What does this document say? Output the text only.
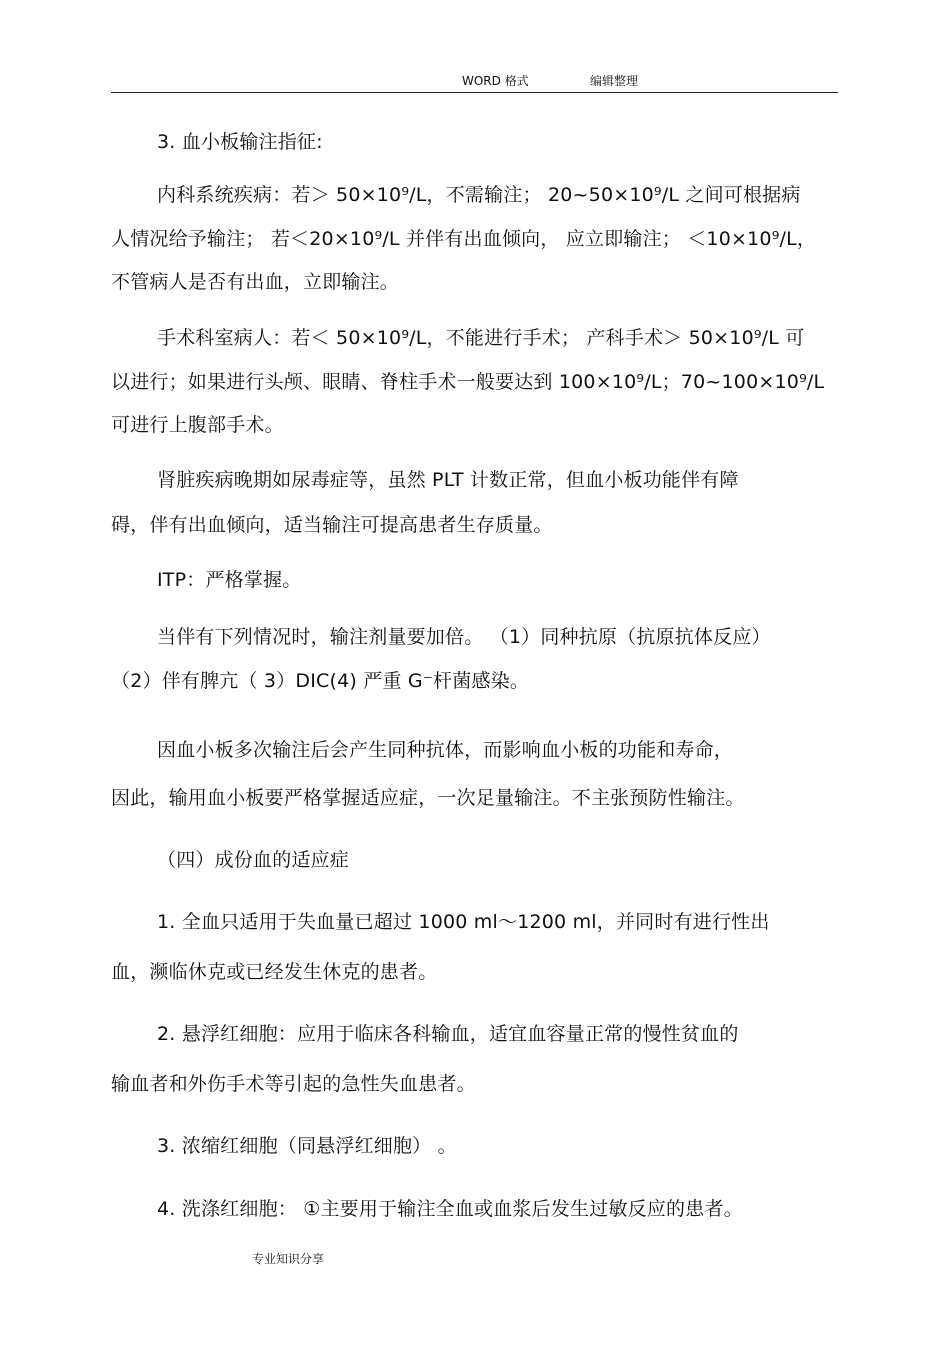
WORD 格式	编辑整理
3. 血小板输注指征:
内科系统疾病：若＞ 50×10⁹/L，不需输注； 20~50×10⁹/L 之间可根据病
人情况给予输注； 若＜20×10⁹/L 并伴有出血倾向， 应立即输注； ＜10×10⁹/L，
不管病人是否有出血，立即输注。
手术科室病人：若＜ 50×10⁹/L，不能进行手术； 产科手术＞ 50×10⁹/L 可
以进行；如果进行头颅、眼睛、脊柱手术一般要达到 100×10⁹/L；70~100×10⁹/L
可进行上腹部手术。
肾脏疾病晚期如尿毒症等，虽然 PLT 计数正常，但血小板功能伴有障
碍，伴有出血倾向，适当输注可提高患者生存质量。
ITP：严格掌握。
当伴有下列情况时，输注剂量要加倍。 （1）同种抗原（抗原抗体反应）
（2）伴有脾亢（ 3）DIC(4) 严重 G⁻杆菌感染。
因血小板多次输注后会产生同种抗体，而影响血小板的功能和寿命，
因此，输用血小板要严格掌握适应症，一次足量输注。不主张预防性输注。
（四）成份血的适应症
1. 全血只适用于失血量已超过 1000 ml～1200 ml，并同时有进行性出
血，濒临休克或已经发生休克的患者。
2. 悬浮红细胞：应用于临床各科输血，适宜血容量正常的慢性贫血的
输血者和外伤手术等引起的急性失血患者。
3. 浓缩红细胞（同悬浮红细胞） 。
4. 洗涤红细胞： ①主要用于输注全血或血浆后发生过敏反应的患者。
专业知识分享
